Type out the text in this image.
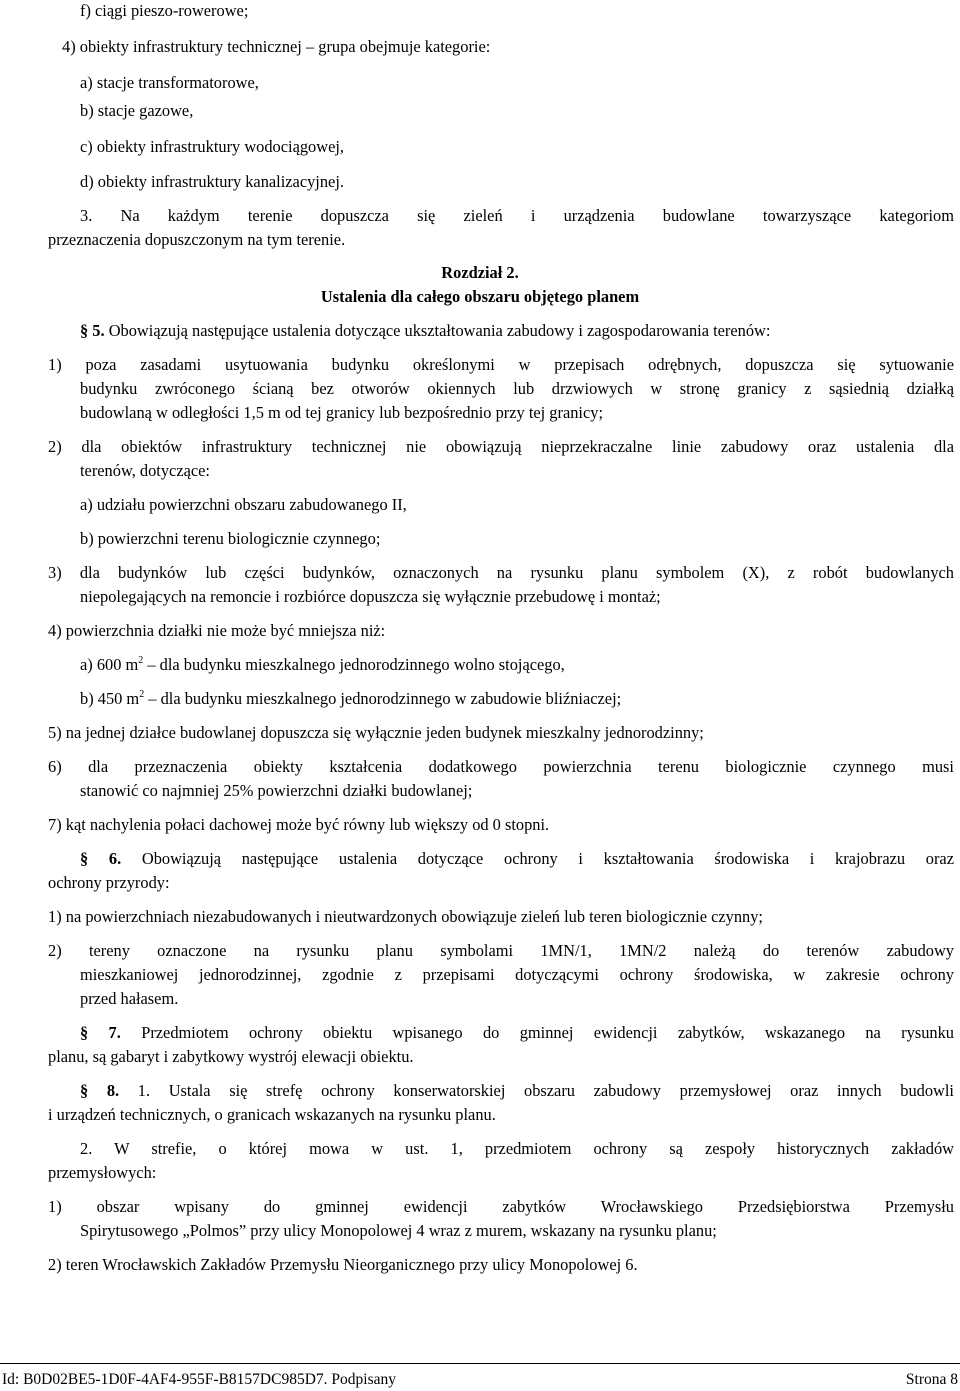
f) ciągi pieszo-rowerowe;
4) obiekty infrastruktury technicznej – grupa obejmuje kategorie:
a) stacje transformatorowe,
b) stacje gazowe,
c) obiekty infrastruktury wodociągowej,
d) obiekty infrastruktury kanalizacyjnej.
3. Na każdym terenie dopuszcza się zieleń i urządzenia budowlane towarzyszące kategoriom
przeznaczenia dopuszczonym na tym terenie.
Rozdział 2.
Ustalenia dla całego obszaru objętego planem
§ 5. Obowiązują następujące ustalenia dotyczące ukształtowania zabudowy i zagospodarowania terenów:
1) poza zasadami usytuowania budynku określonymi w przepisach odrębnych, dopuszcza się sytuowanie
budynku zwróconego ścianą bez otworów okiennych lub drzwiowych w stronę granicy z sąsiednią działką
budowlaną w odległości 1,5 m od tej granicy lub bezpośrednio przy tej granicy;
2) dla obiektów infrastruktury technicznej nie obowiązują nieprzekraczalne linie zabudowy oraz ustalenia dla
terenów, dotyczące:
a) udziału powierzchni obszaru zabudowanego II,
b) powierzchni terenu biologicznie czynnego;
3) dla budynków lub części budynków, oznaczonych na rysunku planu symbolem (X), z robót budowlanych
niepolegających na remoncie i rozbiórce dopuszcza się wyłącznie przebudowę i montaż;
4) powierzchnia działki nie może być mniejsza niż:
a) 600 $m^2$ – dla budynku mieszkalnego jednorodzinnego wolno stojącego,
b) 450 $m^2$ – dla budynku mieszkalnego jednorodzinnego w zabudowie bliźniaczej;
5) na jednej działce budowlanej dopuszcza się wyłącznie jeden budynek mieszkalny jednorodzinny;
6) dla przeznaczenia obiekty kształcenia dodatkowego powierzchnia terenu biologicznie czynnego musi
stanowić co najmniej 25% powierzchni działki budowlanej;
7) kąt nachylenia połaci dachowej może być równy lub większy od 0 stopni.
§ 6. Obowiązują następujące ustalenia dotyczące ochrony i kształtowania środowiska i krajobrazu oraz
ochrony przyrody:
1) na powierzchniach niezabudowanych i nieutwardzonych obowiązuje zieleń lub teren biologicznie czynny;
2) tereny oznaczone na rysunku planu symbolami 1MN/1, 1MN/2 należą do terenów zabudowy
mieszkaniowej jednorodzinnej, zgodnie z przepisami dotyczącymi ochrony środowiska, w zakresie ochrony
przed hałasem.
§ 7. Przedmiotem ochrony obiektu wpisanego do gminnej ewidencji zabytków, wskazanego na rysunku
planu, są gabaryt i zabytkowy wystrój elewacji obiektu.
§ 8. 1. Ustala się strefę ochrony konserwatorskiej obszaru zabudowy przemysłowej oraz innych budowli
i urządzeń technicznych, o granicach wskazanych na rysunku planu.
2. W strefie, o której mowa w ust. 1, przedmiotem ochrony są zespoły historycznych zakładów
przemysłowych:
1) obszar wpisany do gminnej ewidencji zabytków Wrocławskiego Przedsiębiorstwa Przemysłu
Spirytusowego „Polmos” przy ulicy Monopolowej 4 wraz z murem, wskazany na rysunku planu;
2) teren Wrocławskich Zakładów Przemysłu Nieorganicznego przy ulicy Monopolowej 6.
Id: B0D02BE5-1D0F-4AF4-955F-B8157DC985D7. Podpisany	Strona 8
